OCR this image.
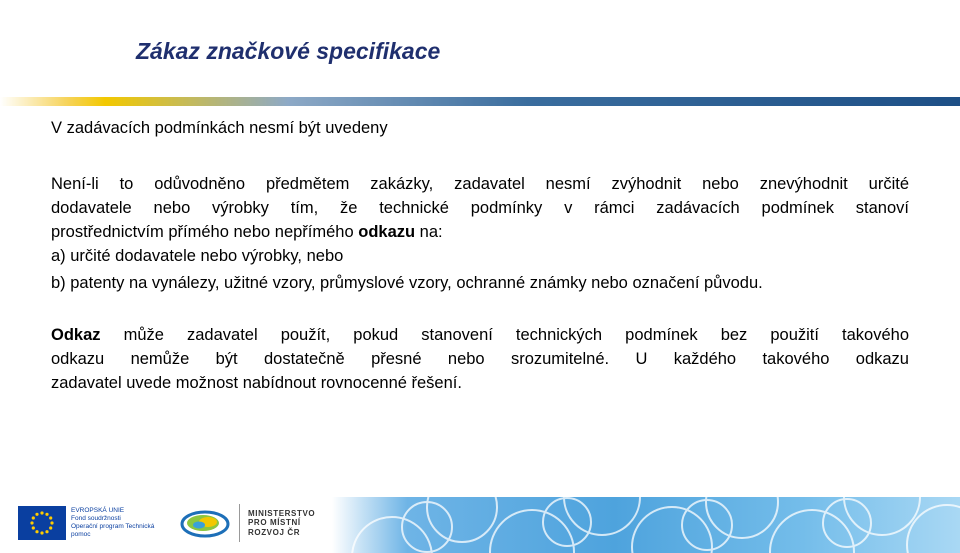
Zákaz značkové specifikace

V zadávacích podmínkách nesmí být uvedeny

Není-li to odůvodněno předmětem zakázky, zadavatel nesmí zvýhodnit nebo znevýhodnit určité

dodavatele nebo výrobky tím, že technické podmínky v rámci zadávacích podmínek stanoví

prostřednictvím přímého nebo nepřímého odkazu na:

a) určité dodavatele nebo výrobky, nebo

b) patenty na vynálezy, užitné vzory, průmyslové vzory, ochranné známky nebo označení původu.

Odkaz může zadavatel použít, pokud stanovení technických podmínek bez použití takového

odkazu nemůže být dostatečně přesné nebo srozumitelné. U každého takového odkazu

zadavatel uvede možnost nabídnout rovnocenné řešení.

EVROPSKÁ UNIE
Fond soudržnosti
Operační program Technická pomoc
MINISTERSTVO
PRO MÍSTNÍ
ROZVOJ ČR
